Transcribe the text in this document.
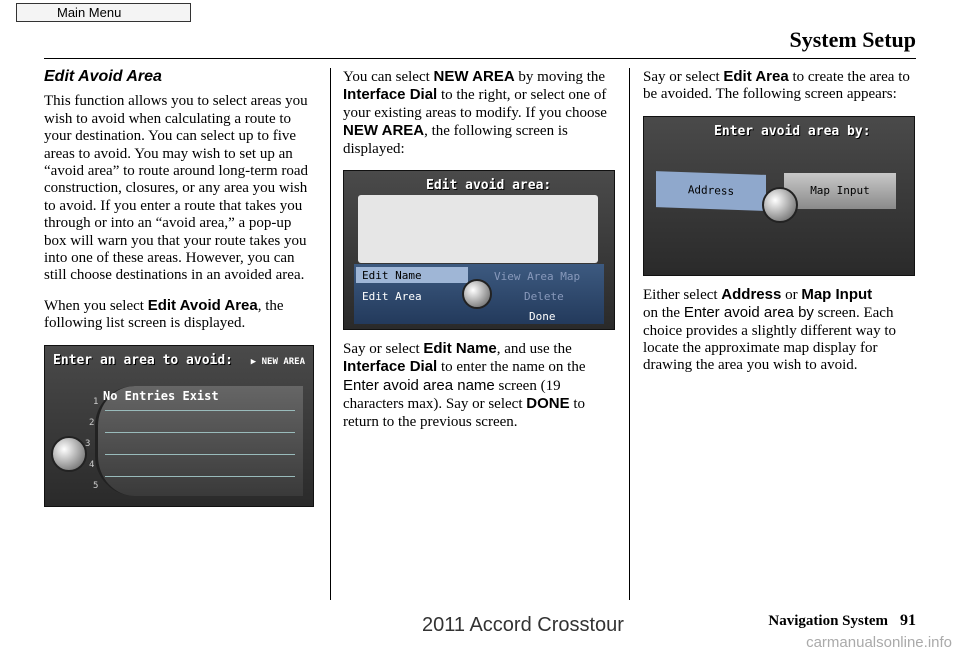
Main Menu
System Setup
Edit Avoid Area

This function allows you to select areas you wish to avoid when calculating a route to your destination. You can select up to five areas to avoid. You may wish to set up an “avoid area” to route around long-term road construction, closures, or any area you wish to avoid. If you enter a route that takes you through or into an “avoid area,” a pop-up box will warn you that your route takes you into one of these areas. However, you can still choose destinations in an avoided area.

When you select Edit Avoid Area, the following list screen is displayed.

Enter an area to avoid: ▶ NEW AREA
No Entries Exist
1
2
3
4
5

You can select NEW AREA by moving the Interface Dial to the right, or select one of your existing areas to modify. If you choose NEW AREA, the following screen is displayed:

Edit avoid area:
Edit Name	View Area Map
Edit Area	Delete
Done

Say or select Edit Name, and use the Interface Dial to enter the name on the Enter avoid area name screen (19 characters max). Say or select DONE to return to the previous screen.

Say or select Edit Area to create the area to be avoided. The following screen appears:

Enter avoid area by:
Address	Map Input

Either select Address or Map Input
on the Enter avoid area by screen. Each choice provides a slightly different way to locate the approximate map display for drawing the area you wish to avoid.

Navigation System 91
2011 Accord Crosstour
carmanualsonline.info
